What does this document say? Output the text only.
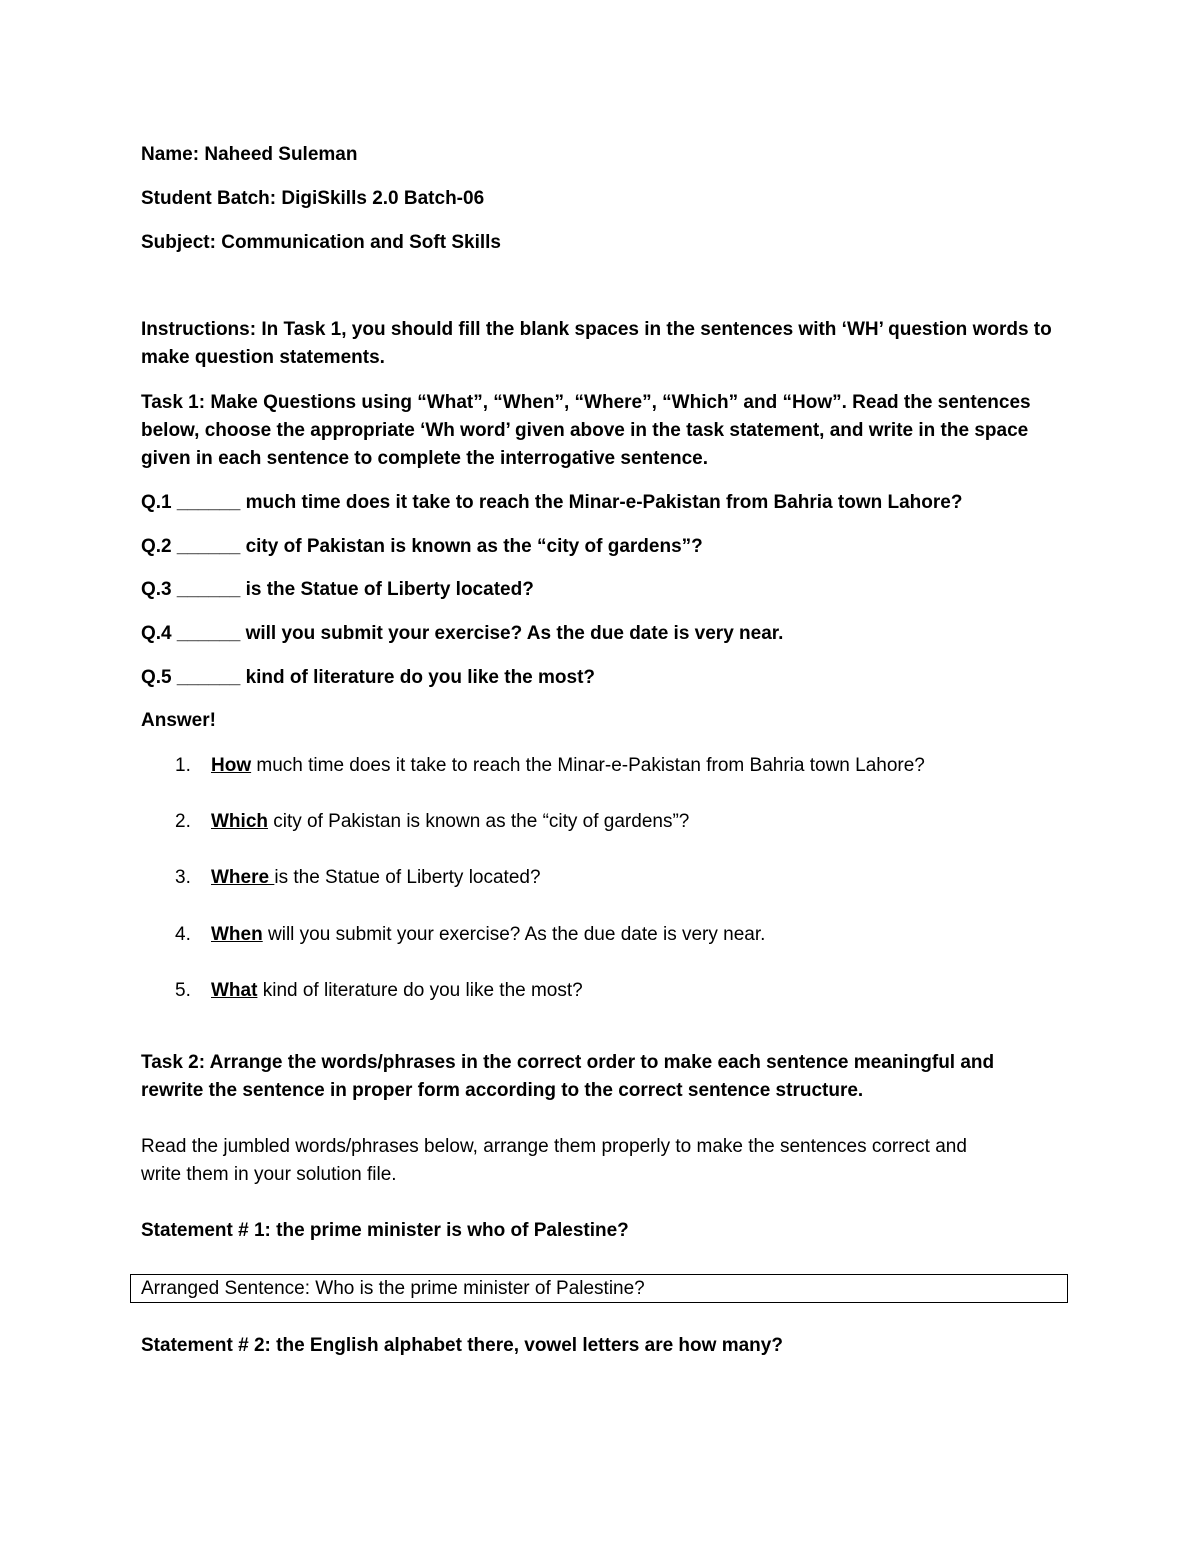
Name: Naheed Suleman
Student Batch: DigiSkills 2.0 Batch-06
Subject: Communication and Soft Skills
Instructions: In Task 1, you should fill the blank spaces in the sentences with ‘WH’ question words to
make question statements.
Task 1: Make Questions using “What”, “When”, “Where”, “Which” and “How”. Read the sentences
below, choose the appropriate ‘Wh word’ given above in the task statement, and write in the space
given in each sentence to complete the interrogative sentence.
Q.1 ______ much time does it take to reach the Minar-e-Pakistan from Bahria town Lahore?
Q.2 ______ city of Pakistan is known as the “city of gardens”?
Q.3 ______ is the Statue of Liberty located?
Q.4 ______ will you submit your exercise? As the due date is very near.
Q.5 ______ kind of literature do you like the most?
Answer!
1. How much time does it take to reach the Minar-e-Pakistan from Bahria town Lahore?
2. Which city of Pakistan is known as the “city of gardens”?
3. Where is the Statue of Liberty located?
4. When will you submit your exercise? As the due date is very near.
5. What kind of literature do you like the most?
Task 2: Arrange the words/phrases in the correct order to make each sentence meaningful and
rewrite the sentence in proper form according to the correct sentence structure.
Read the jumbled words/phrases below, arrange them properly to make the sentences correct and
write them in your solution file.
Statement # 1: the prime minister is who of Palestine?
Arranged Sentence: Who is the prime minister of Palestine?
Statement # 2: the English alphabet there, vowel letters are how many?
